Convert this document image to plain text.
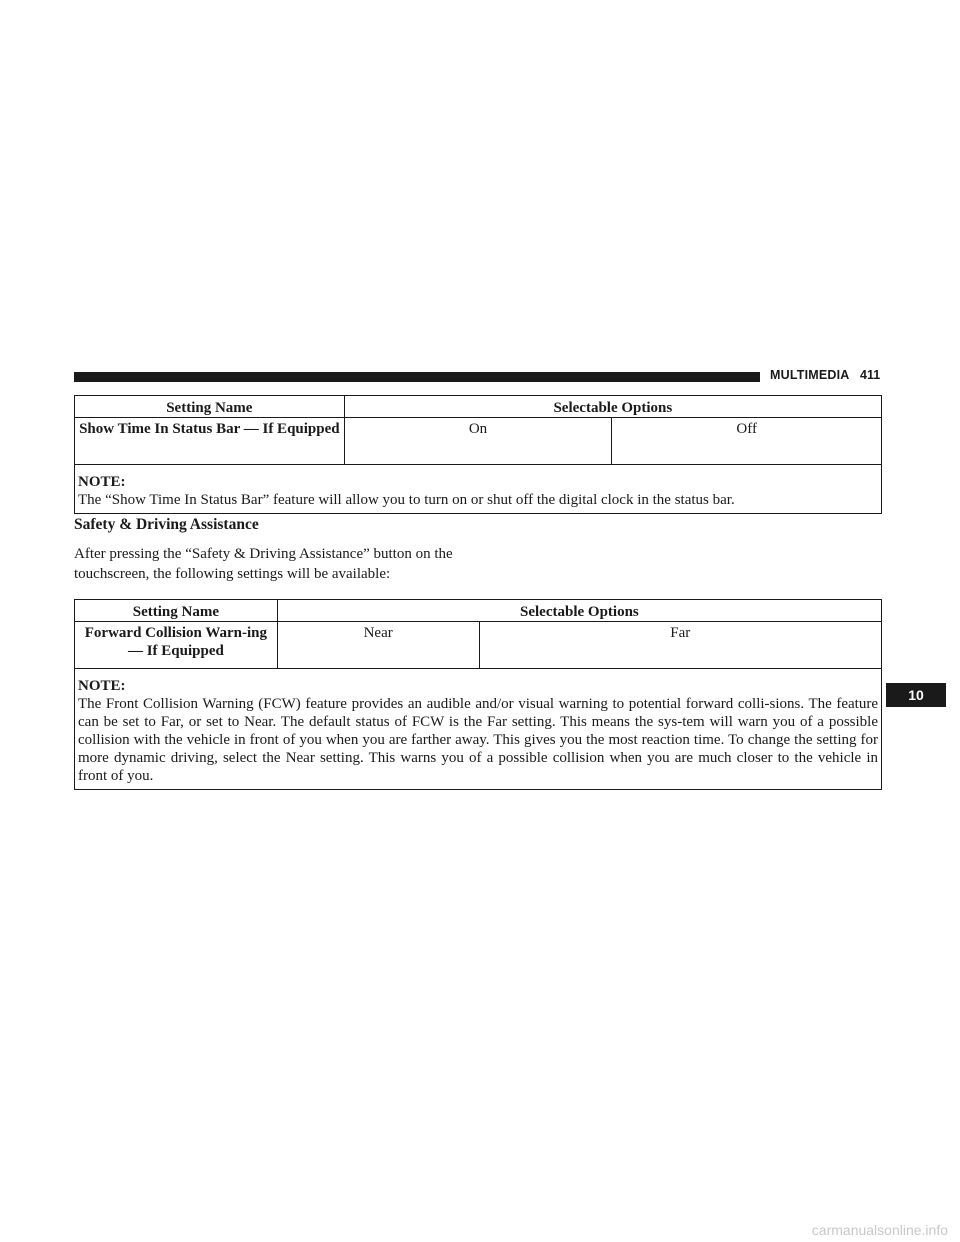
MULTIMEDIA 411
Setting Name	Selectable Options	
Show Time In Status Bar — If Equipped	On	Off

NOTE:
The “Show Time In Status Bar” feature will allow you to turn on or shut off the digital clock in the status bar.		
Safety & Driving Assistance
After pressing the “Safety & Driving Assistance” button on the touchscreen, the following settings will be available:
Setting Name	Selectable Options	
Forward Collision Warn-ing — If Equipped	Near	Far

NOTE:
The Front Collision Warning (FCW) feature provides an audible and/or visual warning to potential forward colli-sions. The feature can be set to Far, or set to Near. The default status of FCW is the Far setting. This means the sys-tem will warn you of a possible collision with the vehicle in front of you when you are farther away. This gives you the most reaction time. To change the setting for more dynamic driving, select the Near setting. This warns you of a possible collision when you are much closer to the vehicle in front of you.		
10
carmanualsonline.info
